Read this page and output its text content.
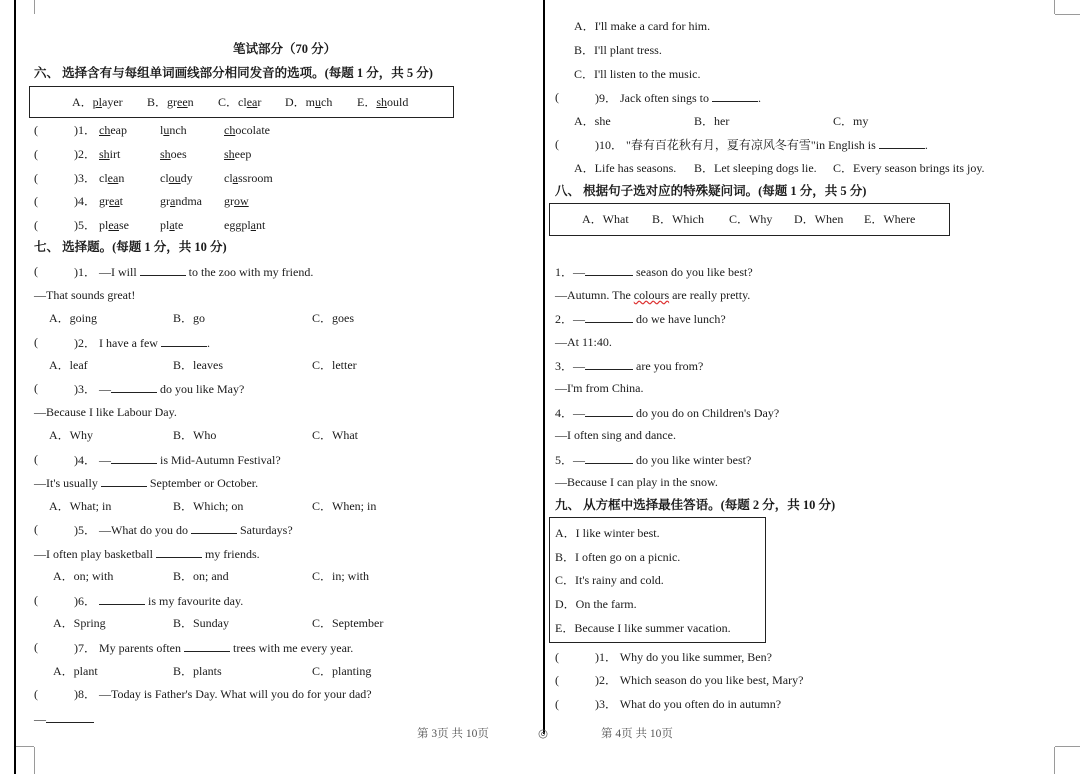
笔试部分（70 分）
六、 选择含有与每组单词画线部分相同发音的选项。(每题 1 分，共 5 分)
A．player B．green C．clear D．much E．should
(	)1． cheap	lunch	chocolate
(	)2． shirt	shoes	sheep
(	)3． clean	cloudy	classroom
(	)4． great	grandma grow
(	)5． please	plate	eggplant
七、 选择题。(每题 1 分，共 10 分)
(	)1． —I will	to the zoo with my friend.
—That sounds great!
A．going	B．go	C．goes
(	)2． I have a few	.
A．leaf	B．leaves	C．letter
(	)3． —	do you like May?
—Because I like Labour Day.
A．Why	B．Who	C．What
(	)4． —	is Mid-Autumn Festival?
—It's usually	September or October.
A．What; in	B．Which; on	C．When; in
(	)5． —What do you do	Saturdays?
—I often play basketball	my friends.
A．on; with	B．on; and	C．in; with
(	)6．	is my favourite day.
A．Spring	B．Sunday	C．September
(	)7． My parents often	trees with me every year.
A．plant	B．plants	C．planting
(	)8． —Today is Father's Day. What will you do for your dad?
—
第 3页 共 10页	◎
A．I'll make a card for him.
B．I'll plant tress.
C．I'll listen to the music.
(	)9． Jack often sings to	.
A．she	B．her	C．my
(	)10． "春有百花秋有月，夏有凉风冬有雪"in English is	.
A．Life has seasons. B．Let sleeping dogs lie. C．Every season brings its joy.
八、 根据句子选对应的特殊疑问词。(每题 1 分，共 5 分)
A．What B．Which C．Why D．When E．Where
1．—	season do you like best?
—Autumn. The colours are really pretty.
2．—	do we have lunch?
—At 11:40.
3．—	are you from?
—I'm from China.
4．—	do you do on Children's Day?
—I often sing and dance.
5．—	do you like winter best?
—Because I can play in the snow.
九、 从方框中选择最佳答语。(每题 2 分，共 10 分)
A．I like winter best.
B．I often go on a picnic.
C．It's rainy and cold.
D．On the farm.
E．Because I like summer vacation.
(	)1． Why do you like summer, Ben?
(	)2． Which season do you like best, Mary?
(	)3． What do you often do in autumn?
第 4页 共 10页
